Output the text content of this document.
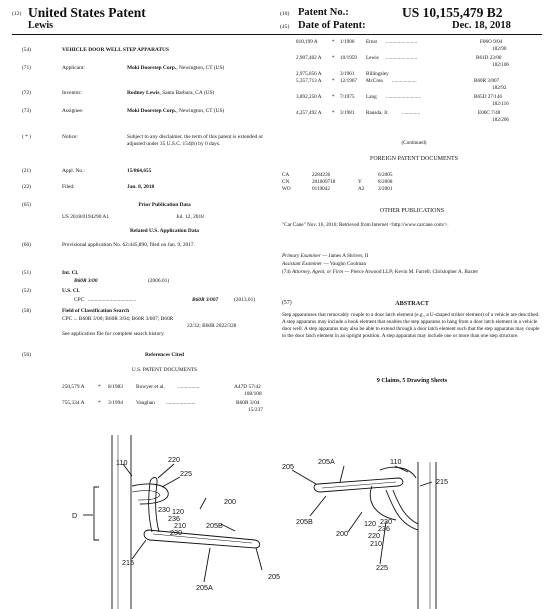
(12) United States Patent
Lewis
(10) Patent No.:	US 10,155,479 B2
(45) Date of Patent:	Dec. 18, 2018
(54)	VEHICLE DOOR WELL STEP APPARATUS
(71)	Applicant:	Moki Doorstep Corp., Newington, CT (US)
(72)	Inventor:	Rodney Lewis, Santa Barbara, CA (US)
(73)	Assignee:	Moki Doorstep Corp., Newington, CT (US)
( * )	Notice:	Subject to any disclaimer, the term of this patent is extended or adjusted under 35 U.S.C. 154(b) by 0 days.
(21)	Appl. No.:	15/864,655
(22)	Filed:	Jan. 8, 2018
(65)	Prior Publication Data
US 2018/0194290 A1	Jul. 12, 2018
Related U.S. Application Data
(60)	Provisional application No. 62/445,890, filed on Jan. 9, 2017.
(51)	Int. Cl.
B60R 3/00	(2006.01)
(52)	U.S. Cl.
CPC ....................................	B60R 3/007	(2013.01)
(58)	Field of Classification Search
CPC ... B60R 3/00; B60R 3/04; B60R 3/007; B60R
22/32; B60R 2022/328
See application file for complete search history.
(56)	References Cited
U.S. PATENT DOCUMENTS
250,579 A	* 8/1983 Bowyer et al. ................	A47D 57/42
108/108
755,334 A	* 3/1994 Vaughan ......................	B60R 3/04
15/237
810,199 A	* 1/1906 Ernst ........................	F06O 9/04
182/90
2,907,402 A * 10/1959 Lewis ........................	B61D 23/00
182/106
2,975,856 A	3/1961 Billingsley
5,357,713 A * 12/1967 McCrea ...................	B60R 3/007
182/92
3,892,250 A * 7/1975 Lang ...........................	B65D 27/146
182/116
4,257,492 A * 3/1981 Rausda, Jr.	..............	E06C 7/48
182/206
(Continued)
FOREIGN PATENT DOCUMENTS
CA	2284236	6/2005
CN	201009718	Y	8/2008
WO	0119042	A2	3/2001
OTHER PUBLICATIONS
"Car Cane" Nov. 16, 2016; Retrieved from Internet <http://www.carcane.com/>.
Primary Examiner — James A Shriver, II
Assistant Examiner — Vaughn Coolman
(74) Attorney, Agent, or Firm — Pierce Atwood LLP; Kevin M. Farrell; Christopher A. Baxter
(57)	ABSTRACT
Step apparatuses that removably couple to a door latch element (e.g., a U-shaped striker element) of a vehicle are described. A step apparatus may include a hook element that enables the step apparatus to hang from a door latch element in a vehicle door well. A step apparatus may also be able to extend through a door latch element such that the step apparatus may couple to the door latch element in an upright position. A step apparatus may include one or more than one step structure.
9 Claims, 5 Drawing Sheets
110	220
225
200
D
230 120
236
210
230
205B
215
205A
205
110
205A
215
205
205B	120 230
236
220
210
200
225
